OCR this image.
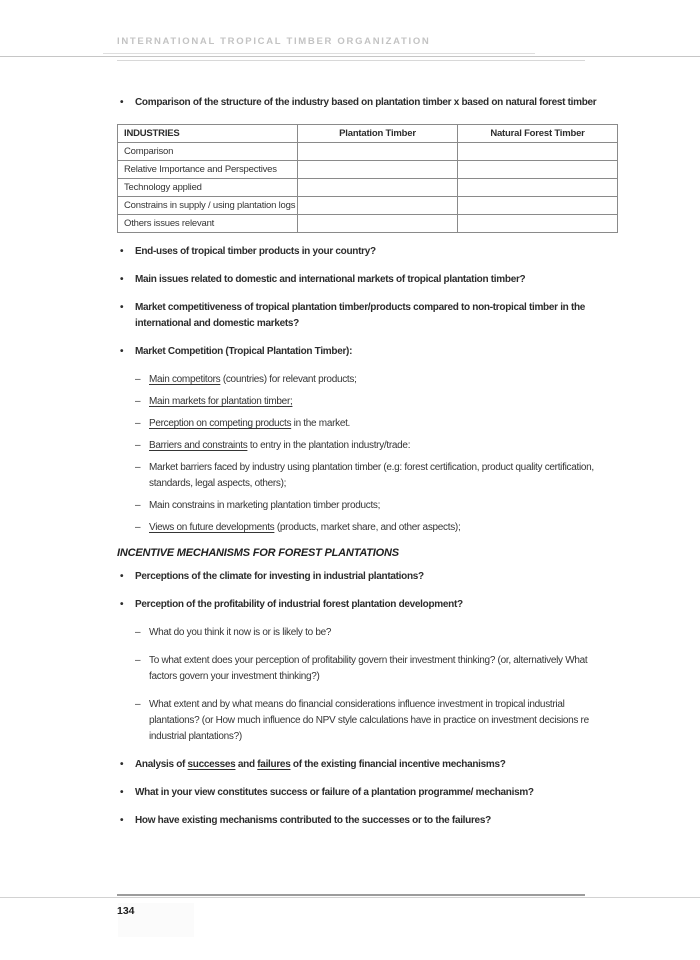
INTERNATIONAL TROPICAL TIMBER ORGANIZATION
• Comparison of the structure of the industry based on plantation timber x based on natural forest timber
INDUSTRIES	Plantation Timber	Natural Forest Timber
Comparison		
Relative Importance and Perspectives		
Technology applied		
Constrains in supply / using plantation logs		
Others issues relevant		
• End-uses of tropical timber products in your country?
• Main issues related to domestic and international markets of tropical plantation timber?
• Market competitiveness of tropical plantation timber/products compared to non-tropical timber in the international and domestic markets?
• Market Competition (Tropical Plantation Timber):
– Main competitors (countries) for relevant products;
– Main markets for plantation timber;
– Perception on competing products in the market.
– Barriers and constraints to entry in the plantation industry/trade:
– Market barriers faced by industry using plantation timber (e.g: forest certification, product quality certification, standards, legal aspects, others);
– Main constrains in marketing plantation timber products;
– Views on future developments (products, market share, and other aspects);
INCENTIVE MECHANISMS FOR FOREST PLANTATIONS
• Perceptions of the climate for investing in industrial plantations?
• Perception of the profitability of industrial forest plantation development?
– What do you think it now is or is likely to be?
– To what extent does your perception of profitability govern their investment thinking? (or, alternatively What factors govern your investment thinking?)
– What extent and by what means do financial considerations influence investment in tropical industrial plantations? (or How much influence do NPV style calculations have in practice on investment decisions re industrial plantations?)
• Analysis of successes and failures of the existing financial incentive mechanisms?
• What in your view constitutes success or failure of a plantation programme/ mechanism?
• How have existing mechanisms contributed to the successes or to the failures?
134
